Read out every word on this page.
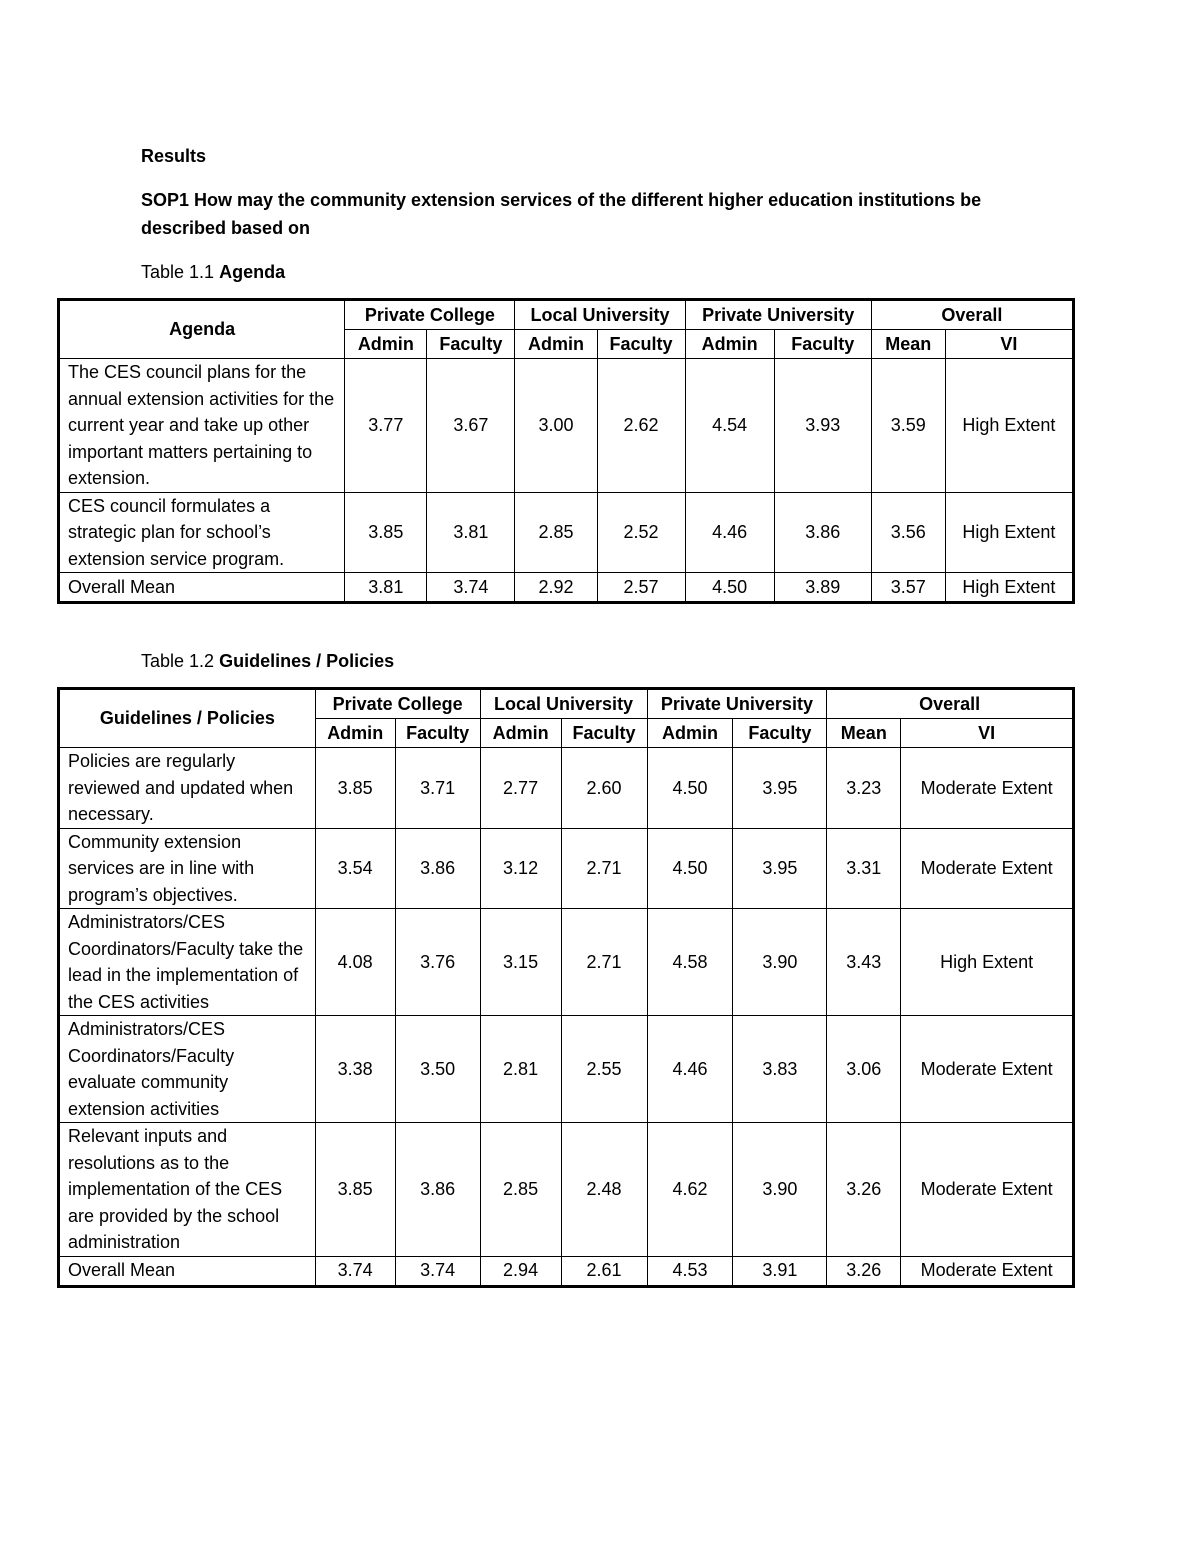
Results
SOP1 How may the community extension services of the different higher education institutions be described based on
Table 1.1 Agenda
Agenda	Private College		Local University		Private University		Overall	
	Admin	Faculty	Admin	Faculty	Admin	Faculty	Mean	VI
The CES council plans for the annual extension activities for the current year and take up other important matters pertaining to extension.	3.77	3.67	3.00	2.62	4.54	3.93	3.59	High Extent
CES council formulates a strategic plan for school’s extension service program.	3.85	3.81	2.85	2.52	4.46	3.86	3.56	High Extent
Overall Mean	3.81	3.74	2.92	2.57	4.50	3.89	3.57	High Extent
Table 1.2 Guidelines / Policies
Guidelines / Policies	Private College		Local University		Private University		Overall	
	Admin	Faculty	Admin	Faculty	Admin	Faculty	Mean	VI
Policies are regularly reviewed and updated when necessary.	3.85	3.71	2.77	2.60	4.50	3.95	3.23	Moderate Extent
Community extension services are in line with program’s objectives.	3.54	3.86	3.12	2.71	4.50	3.95	3.31	Moderate Extent
Administrators/CES Coordinators/Faculty take the lead in the implementation of the CES activities	4.08	3.76	3.15	2.71	4.58	3.90	3.43	High Extent
Administrators/CES Coordinators/Faculty evaluate community extension activities	3.38	3.50	2.81	2.55	4.46	3.83	3.06	Moderate Extent
Relevant inputs and resolutions as to the implementation of the CES are provided by the school administration	3.85	3.86	2.85	2.48	4.62	3.90	3.26	Moderate Extent
Overall Mean	3.74	3.74	2.94	2.61	4.53	3.91	3.26	Moderate Extent
